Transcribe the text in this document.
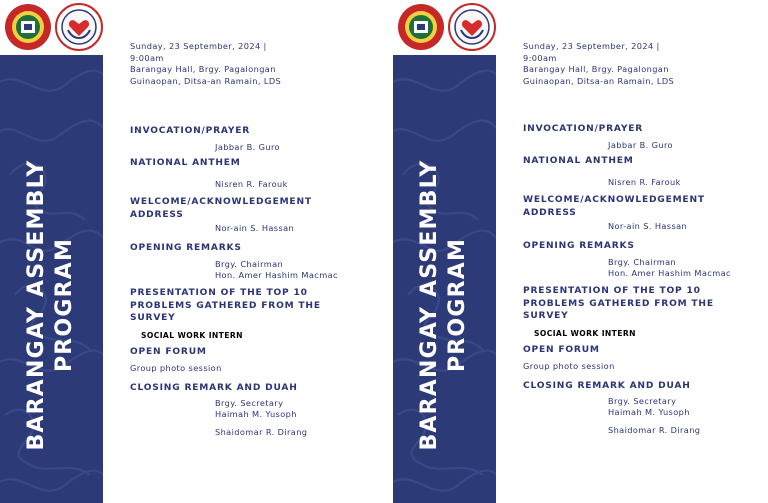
BARANGAY ASSEMBLY PROGRAM
Sunday, 23 September, 2024 |
9:00am
Barangay Hall, Brgy. Pagalongan
Guinaopan, Ditsa-an Ramain, LDS
INVOCATION/PRAYER
Jabbar B. Guro
NATIONAL ANTHEM
Nisren R. Farouk
WELCOME/ACKNOWLEDGEMENT
ADDRESS
Nor-ain S. Hassan
OPENING REMARKS
Brgy. Chairman
Hon. Amer Hashim Macmac
PRESENTATION OF THE TOP 10
PROBLEMS GATHERED FROM THE
SURVEY
SOCIAL WORK INTERN
OPEN FORUM
Group photo session
CLOSING REMARK AND DUAH
Brgy. Secretary
Haimah M. Yusoph
Shaidomar R. Dirang	BARANGAY ASSEMBLY PROGRAM
Sunday, 23 September, 2024 |
9:00am
Barangay Hall, Brgy. Pagalongan
Guinaopan, Ditsa-an Ramain, LDS
INVOCATION/PRAYER
Jabbar B. Guro
NATIONAL ANTHEM
Nisren R. Farouk
WELCOME/ACKNOWLEDGEMENT
ADDRESS
Nor-ain S. Hassan
OPENING REMARKS
Brgy. Chairman
Hon. Amer Hashim Macmac
PRESENTATION OF THE TOP 10
PROBLEMS GATHERED FROM THE
SURVEY
SOCIAL WORK INTERN
OPEN FORUM
Group photo session
CLOSING REMARK AND DUAH
Brgy. Secretary
Haimah M. Yusoph
Shaidomar R. Dirang
